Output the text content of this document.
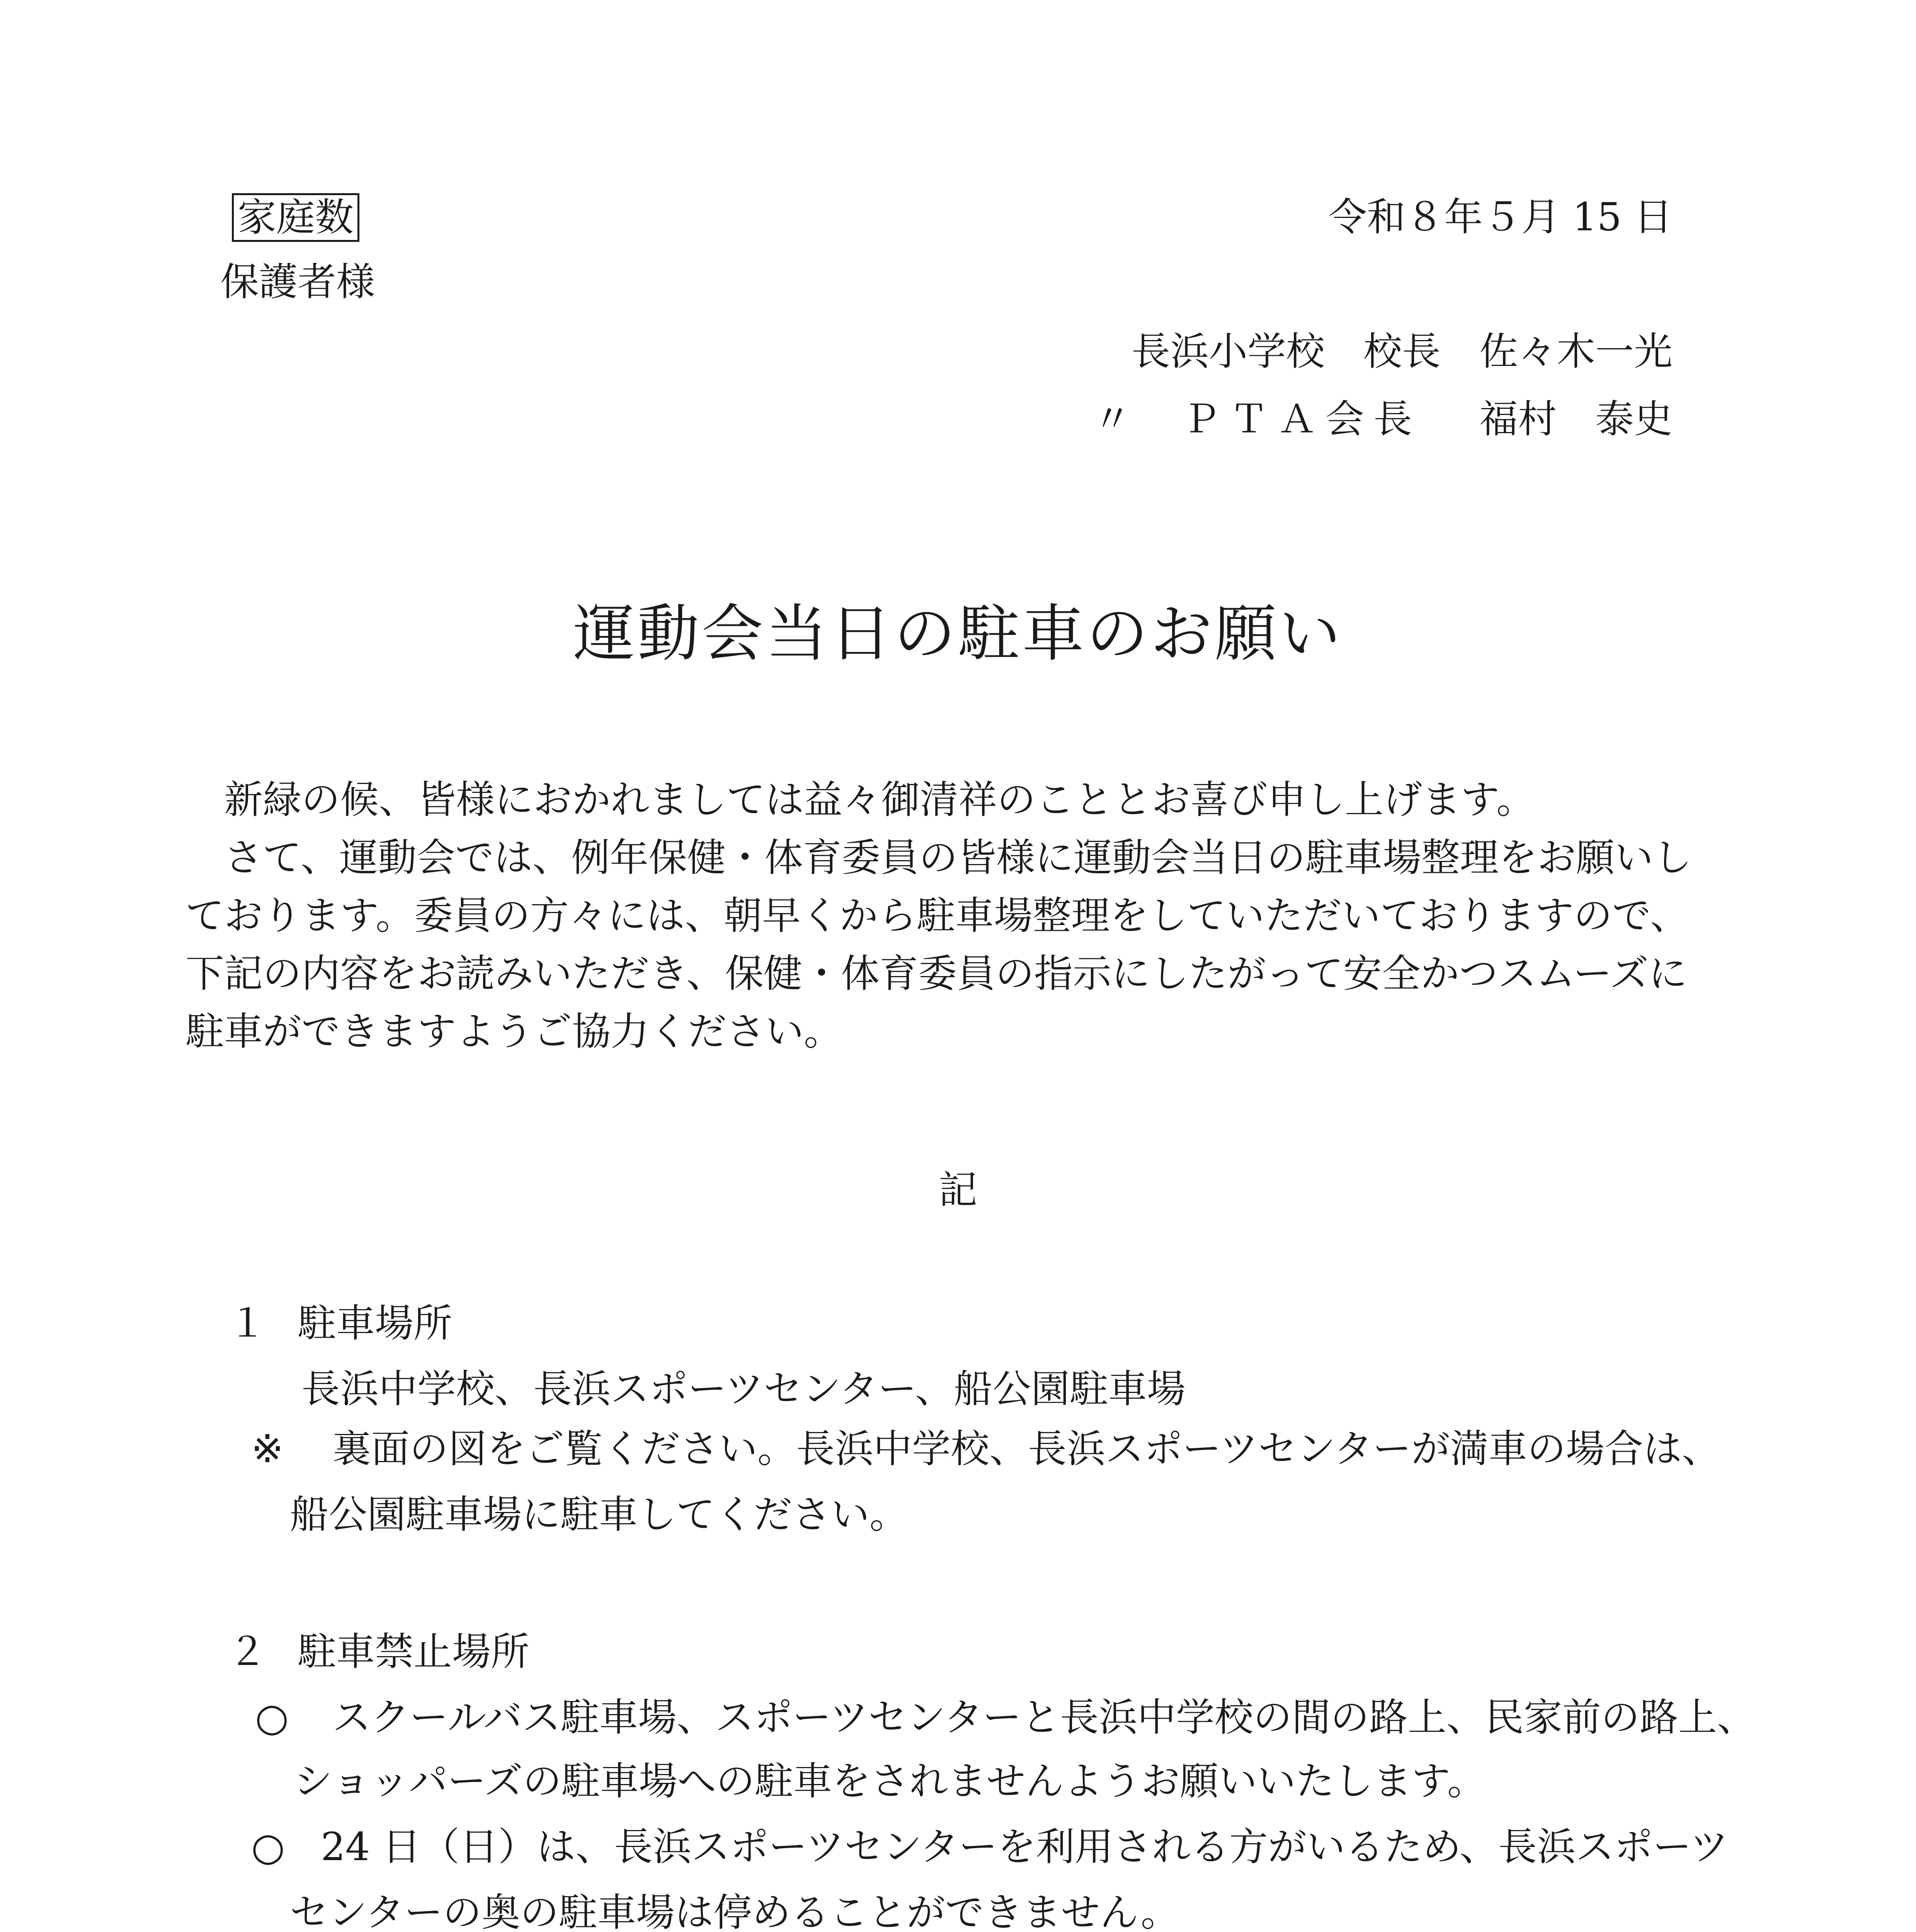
家庭数	令和８年５月 15 日
保護者様
長浜小学校　校長　佐々木一光
〃 ＰＴＡ会長 福村　泰史
運動会当日の駐車のお願い
新緑の候、皆様におかれましては益々御清祥のこととお喜び申し上げます。
さて、運動会では、例年保健・体育委員の皆様に運動会当日の駐車場整理をお願いし
ております。委員の方々には、朝早くから駐車場整理をしていただいておりますので、
下記の内容をお読みいただき、保健・体育委員の指示にしたがって安全かつスムーズに
駐車ができますようご協力ください。
記
１ 駐車場所
長浜中学校、長浜スポーツセンター、船公園駐車場
※ 裏面の図をご覧ください。長浜中学校、長浜スポーツセンターが満車の場合は、
船公園駐車場に駐車してください。
２ 駐車禁止場所
○ スクールバス駐車場、スポーツセンターと長浜中学校の間の路上、民家前の路上、
ショッパーズの駐車場への駐車をされませんようお願いいたします。
○ 24 日（日）は、長浜スポーツセンターを利用される方がいるため、長浜スポーツ
センターの奥の駐車場は停めることができません。
